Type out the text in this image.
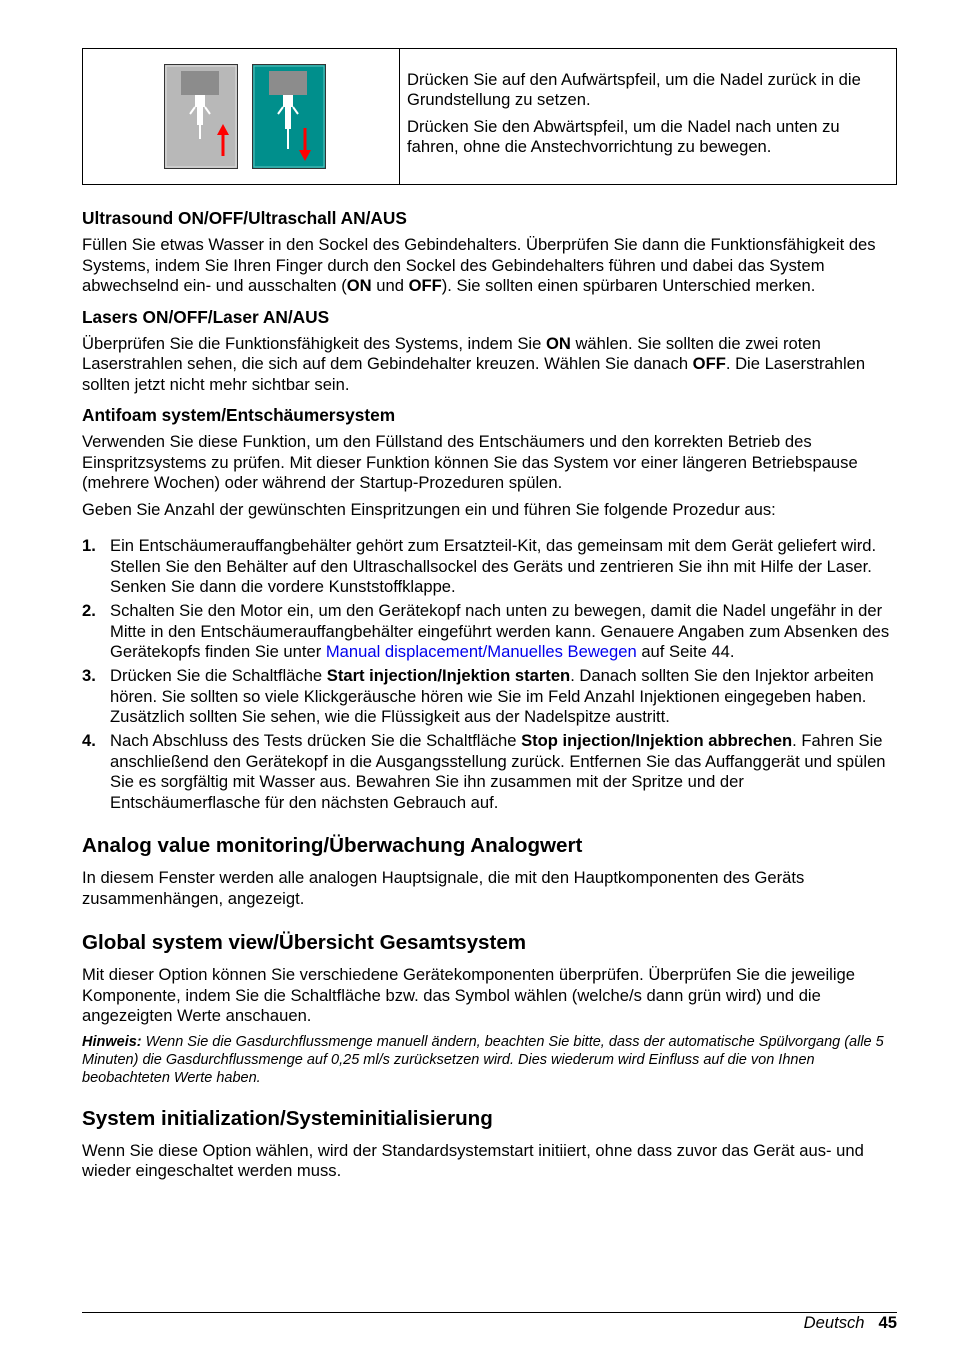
Drücken Sie auf den Aufwärtspfeil, um die Nadel zurück in die Grundstellung zu setzen.

Drücken Sie den Abwärtspfeil, um die Nadel nach unten zu fahren, ohne die Anstechvorrichtung zu bewegen.

Ultrasound ON/OFF/Ultraschall AN/AUS

Füllen Sie etwas Wasser in den Sockel des Gebindehalters. Überprüfen Sie dann die Funktionsfähigkeit des Systems, indem Sie Ihren Finger durch den Sockel des Gebindehalters führen und dabei das System abwechselnd ein- und ausschalten (ON und OFF). Sie sollten einen spürbaren Unterschied merken.

Lasers ON/OFF/Laser AN/AUS

Überprüfen Sie die Funktionsfähigkeit des Systems, indem Sie ON wählen. Sie sollten die zwei roten Laserstrahlen sehen, die sich auf dem Gebindehalter kreuzen. Wählen Sie danach OFF. Die Laserstrahlen sollten jetzt nicht mehr sichtbar sein.

Antifoam system/Entschäumersystem

Verwenden Sie diese Funktion, um den Füllstand des Entschäumers und den korrekten Betrieb des Einspritzsystems zu prüfen. Mit dieser Funktion können Sie das System vor einer längeren Betriebspause (mehrere Wochen) oder während der Startup-Prozeduren spülen.

Geben Sie Anzahl der gewünschten Einspritzungen ein und führen Sie folgende Prozedur aus:

1. Ein Entschäumerauffangbehälter gehört zum Ersatzteil-Kit, das gemeinsam mit dem Gerät geliefert wird. Stellen Sie den Behälter auf den Ultraschallsockel des Geräts und zentrieren Sie ihn mit Hilfe der Laser. Senken Sie dann die vordere Kunststoffklappe.
2. Schalten Sie den Motor ein, um den Gerätekopf nach unten zu bewegen, damit die Nadel ungefähr in der Mitte in den Entschäumerauffangbehälter eingeführt werden kann. Genauere Angaben zum Absenken des Gerätekopfs finden Sie unter Manual displacement/Manuelles Bewegen auf Seite 44.
3. Drücken Sie die Schaltfläche Start injection/Injektion starten. Danach sollten Sie den Injektor arbeiten hören. Sie sollten so viele Klickgeräusche hören wie Sie im Feld Anzahl Injektionen eingegeben haben. Zusätzlich sollten Sie sehen, wie die Flüssigkeit aus der Nadelspitze austritt.
4. Nach Abschluss des Tests drücken Sie die Schaltfläche Stop injection/Injektion abbrechen. Fahren Sie anschließend den Gerätekopf in die Ausgangsstellung zurück. Entfernen Sie das Auffanggerät und spülen Sie es sorgfältig mit Wasser aus. Bewahren Sie ihn zusammen mit der Spritze und der Entschäumerflasche für den nächsten Gebrauch auf.
Analog value monitoring/Überwachung Analogwert

In diesem Fenster werden alle analogen Hauptsignale, die mit den Hauptkomponenten des Geräts zusammenhängen, angezeigt.

Global system view/Übersicht Gesamtsystem

Mit dieser Option können Sie verschiedene Gerätekomponenten überprüfen. Überprüfen Sie die jeweilige Komponente, indem Sie die Schaltfläche bzw. das Symbol wählen (welche/s dann grün wird) und die angezeigten Werte anschauen.

Hinweis: Wenn Sie die Gasdurchflussmenge manuell ändern, beachten Sie bitte, dass der automatische Spülvorgang (alle 5 Minuten) die Gasdurchflussmenge auf 0,25 ml/s zurücksetzen wird. Dies wiederum wird Einfluss auf die von Ihnen beobachteten Werte haben.

System initialization/Systeminitialisierung

Wenn Sie diese Option wählen, wird der Standardsystemstart initiiert, ohne dass zuvor das Gerät aus- und wieder eingeschaltet werden muss.

Deutsch 45
